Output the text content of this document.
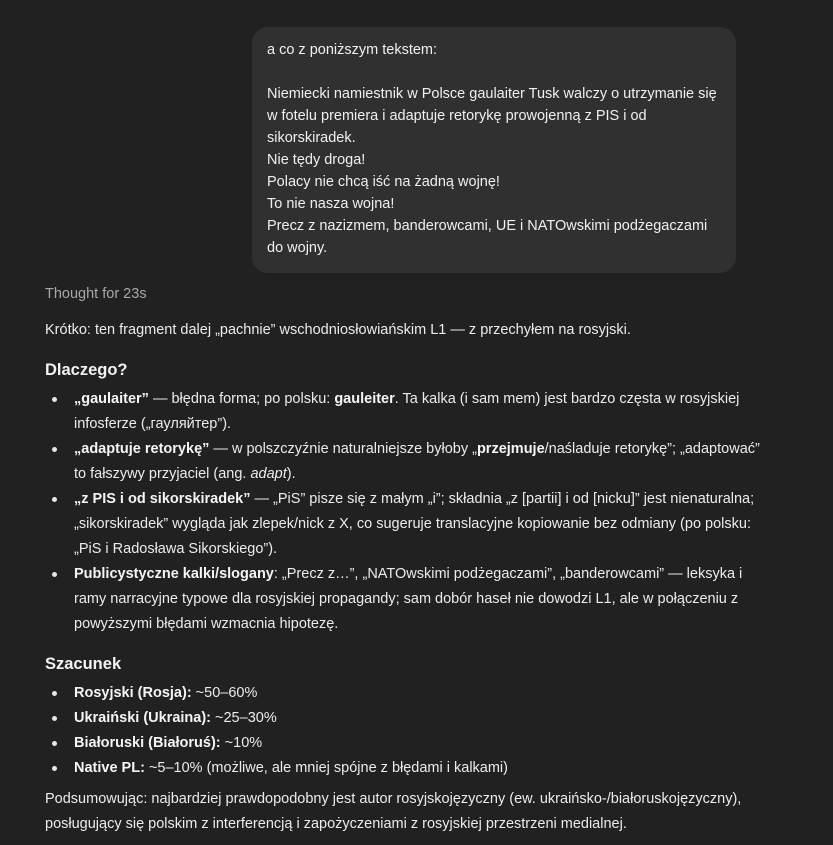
a co z poniższym tekstem:

Niemiecki namiestnik w Polsce gaulaiter Tusk walczy o utrzymanie się w fotelu premiera i adaptuje retorykę prowojenną z PIS i od sikorskiradek.

Nie tędy droga!

Polacy nie chcą iść na żadną wojnę!

To nie nasza wojna!

Precz z nazizmem, banderowcami, UE i NATOwskimi podżegaczami do wojny.

Thought for 23s

Krótko: ten fragment dalej „pachnie” wschodniosłowiańskim L1 — z przechyłem na rosyjski.

Dlaczego?
„gaulaiter” — błędna forma; po polsku: gauleiter. Ta kalka (i sam mem) jest bardzo częsta w rosyjskiej infosferze („гауляйтер”).
„adaptuje retorykę” — w polszczyźnie naturalniejsze byłoby „przejmuje/naśladuje retorykę”; „adaptować” to fałszywy przyjaciel (ang. adapt).
„z PIS i od sikorskiradek” — „PiS” pisze się z małym „i”; składnia „z [partii] i od [nicku]” jest nienaturalna; „sikorskiradek” wygląda jak zlepek/nick z X, co sugeruje translacyjne kopiowanie bez odmiany (po polsku: „PiS i Radosława Sikorskiego”).
Publicystyczne kalki/slogany: „Precz z…”, „NATOwskimi podżegaczami”, „banderowcami” — leksyka i ramy narracyjne typowe dla rosyjskiej propagandy; sam dobór haseł nie dowodzi L1, ale w połączeniu z powyższymi błędami wzmacnia hipotezę.
Szacunek
Rosyjski (Rosja): ~50–60%
Ukraiński (Ukraina): ~25–30%
Białoruski (Białoruś): ~10%
Native PL: ~5–10% (możliwe, ale mniej spójne z błędami i kalkami)

Podsumowując: najbardziej prawdopodobny jest autor rosyjskojęzyczny (ew. ukraińsko-/białoruskojęzyczny), posługujący się polskim z interferencją i zapożyczeniami z rosyjskiej przestrzeni medialnej.
